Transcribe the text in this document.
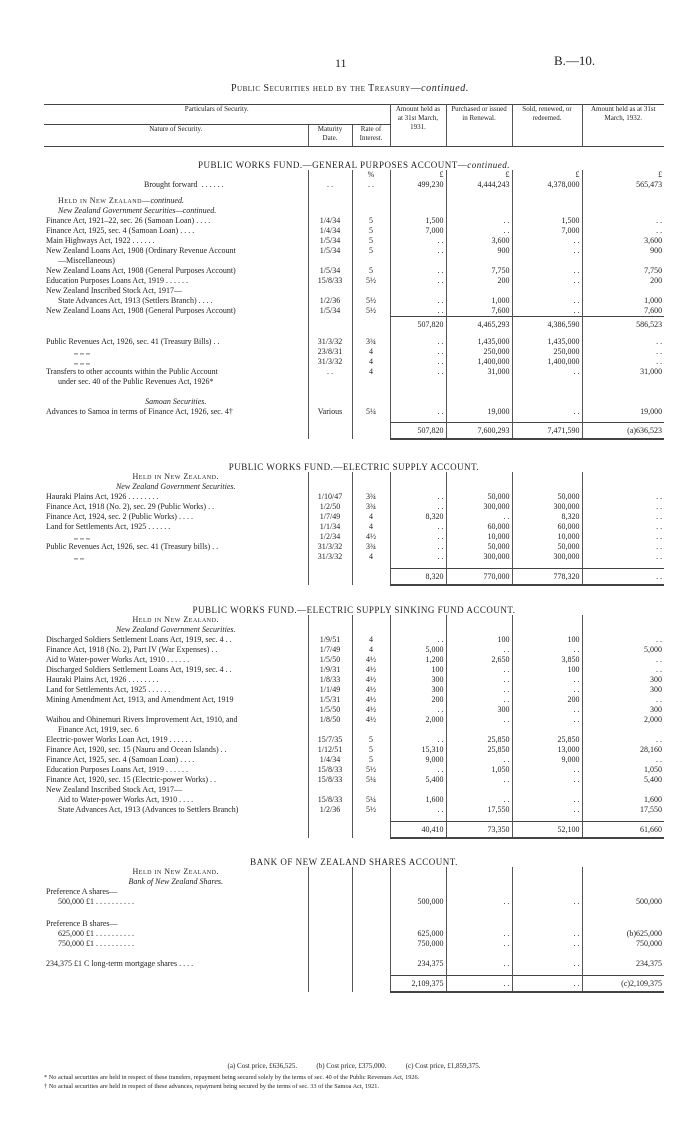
11	B.—10.
Public Securities held by the Treasury—continued.
Particulars of Security.			Amount held as at 31st March, 1931.	Purchased or issued in Renewal.	Sold, renewed, or redeemed.	Amount held as at 31st March, 1932.
Nature of Security.	Maturity Date.	Rate of Interest.				
PUBLIC WORKS FUND.—GENERAL PURPOSES ACCOUNT—continued.						
		%	£	£	£	£
Brought forward . . . . . .	. .	. .	499,230	4,444,243	4,378,000	565,473

Held in New Zealand—continued.						
New Zealand Government Securities—continued.						
Finance Act, 1921–22, sec. 26 (Samoan Loan) . . . .	1/4/34	5	1,500	. .	1,500	. .
Finance Act, 1925, sec. 4 (Samoan Loan) . . . .	1/4/34	5	7,000	. .	7,000	. .
Main Highways Act, 1922 . . . . . .	1/5/34	5	. .	3,600	. .	3,600
New Zealand Loans Act, 1908 (Ordinary Revenue Account	1/5/34	5	. .	900	. .	900
—Miscellaneous)						
New Zealand Loans Act, 1908 (General Purposes Account)	1/5/34	5	. .	7,750	. .	7,750
Education Purposes Loans Act, 1919 . . . . . .	15/8/33	5½	. .	200	. .	200
New Zealand Inscribed Stock Act, 1917—						
State Advances Act, 1913 (Settlers Branch) . . . .	1/2/36	5½	. .	1,000	. .	1,000
New Zealand Loans Act, 1908 (General Purposes Account)	1/5/34	5½	. .	7,600	. .	7,600
			507,820	4,465,293	4,386,590	586,523

Public Revenues Act, 1926, sec. 41 (Treasury Bills) . .	31/3/32	3¾	. .	1,435,000	1,435,000	. .
,, ,, ,,	23/8/31	4	. .	250,000	250,000	. .
,, ,, ,,	31/3/32	4	. .	1,400,000	1,400,000	. .
Transfers to other accounts within the Public Account	. .	4	. .	31,000	. .	31,000
under sec. 40 of the Public Revenues Act, 1926*						

Samoan Securities.						
Advances to Samoa in terms of Finance Act, 1926, sec. 4†	Various	5¼	. .	19,000	. .	19,000

			507,820	7,600,293	7,471,590	(a)636,523
PUBLIC WORKS FUND.—ELECTRIC SUPPLY ACCOUNT.						
Held in New Zealand.						
New Zealand Government Securities.						
Hauraki Plains Act, 1926 . . . . . . . .	1/10/47	3¾	. .	50,000	50,000	. .
Finance Act, 1918 (No. 2), sec. 29 (Public Works) . .	1/2/50	3¾	. .	300,000	300,000	. .
Finance Act, 1924, sec. 2 (Public Works) . . . .	1/7/49	4	8,320	. .	8,320	. .
Land for Settlements Act, 1925 . . . . . .	1/1/34	4	. .	60,000	60,000	. .
,, ,, ,,	1/2/34	4½	. .	10,000	10,000	. .
Public Revenues Act, 1926, sec. 41 (Treasury bills) . .	31/3/32	3¾	. .	50,000	50,000	. .
,, ,,	31/3/32	4	. .	300,000	300,000	. .

			8,320	770,000	778,320	. .
PUBLIC WORKS FUND.—ELECTRIC SUPPLY SINKING FUND ACCOUNT.						
Held in New Zealand.						
New Zealand Government Securities.						
Discharged Soldiers Settlement Loans Act, 1919, sec. 4 . .	1/9/51	4	. .	100	100	. .
Finance Act, 1918 (No. 2), Part IV (War Expenses) . .	1/7/49	4	5,000	. .	. .	5,000
Aid to Water-power Works Act, 1910 . . . . . .	1/5/50	4½	1,200	2,650	3,850	. .
Discharged Soldiers Settlement Loans Act, 1919, sec. 4 . .	1/9/31	4½	100	. .	100	. .
Hauraki Plains Act, 1926 . . . . . . . .	1/8/33	4½	300	. .	. .	300
Land for Settlements Act, 1925 . . . . . .	1/1/49	4½	300	. .	. .	300
Mining Amendment Act, 1913, and Amendment Act, 1919	1/5/31	4½	200	. .	200	. .
	1/5/50	4½	. .	300	. .	300
Waihou and Ohinemuri Rivers Improvement Act, 1910, and	1/8/50	4½	2,000	. .	. .	2,000
Finance Act, 1919, sec. 6						
Electric-power Works Loan Act, 1919 . . . . . .	15/7/35	5	. .	25,850	25,850	. .
Finance Act, 1920, sec. 15 (Nauru and Ocean Islands) . .	1/12/51	5	15,310	25,850	13,000	28,160
Finance Act, 1925, sec. 4 (Samoan Loan) . . . .	1/4/34	5	9,000	. .	9,000	. .
Education Purposes Loans Act, 1919 . . . . . .	15/8/33	5½	. .	1,050	. .	1,050
Finance Act, 1920, sec. 15 (Electric-power Works) . .	15/8/33	5¼	5,400	. .	. .	5,400
New Zealand Inscribed Stock Act, 1917—						
Aid to Water-power Works Act, 1910 . . . .	15/8/33	5¼	1,600	. .	. .	1,600
State Advances Act, 1913 (Advances to Settlers Branch)	1/2/36	5½	. .	17,550	. .	17,550

			40,410	73,350	52,100	61,660
BANK OF NEW ZEALAND SHARES ACCOUNT.						
Held in New Zealand.						
Bank of New Zealand Shares.						
Preference A shares—						
500,000 £1 . . . . . . . . . .			500,000	. .	. .	500,000

Preference B shares—						
625,000 £1 . . . . . . . . . .			625,000	. .	. .	(b)625,000
750,000 £1 . . . . . . . . . .			750,000	. .	. .	750,000

234,375 £1 C long-term mortgage shares . . . .			234,375	. .	. .	234,375

			2,109,375	. .	. .	(c)2,109,375
(a) Cost price, £636,525.	(b) Cost price, £375,000.	(c) Cost price, £1,859,375.
* No actual securities are held in respect of these transfers, repayment being secured solely by the terms of sec. 40 of the Public Revenues Act, 1926.
† No actual securities are held in respect of these advances, repayment being secured by the terms of sec. 33 of the Samoa Act, 1921.
